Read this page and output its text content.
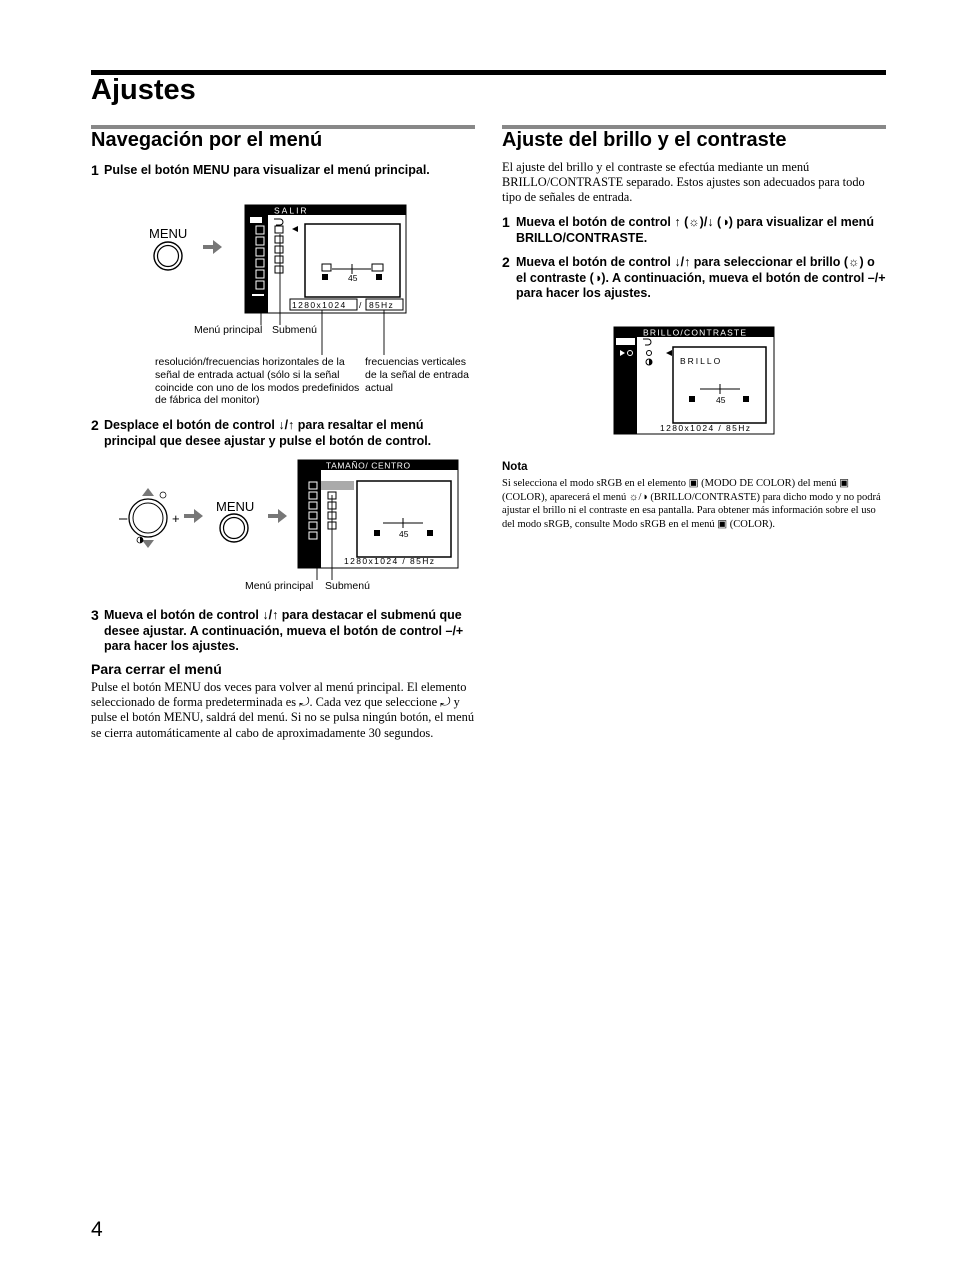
Ajustes
Navegación por el menú
1 Pulse el botón MENU para visualizar el menú principal.
MENU
SALIR
45
1280x1024 / 85Hz
Menú principal Submenú
resolución/frecuencias horizontales de la señal de entrada actual (sólo si la señal coincide con uno de los modos predefinidos de fábrica del monitor)
frecuencias verticales de la señal de entrada actual
2 Desplace el botón de control ↓/↑ para resaltar el menú principal que desee ajustar y pulse el botón de control.
–	+
MENU
TAMAÑO/ CENTRO
45
1280x1024 / 85Hz
Menú principal Submenú
3 Mueva el botón de control ↓/↑ para destacar el submenú que desee ajustar. A continuación, mueva el botón de control –/+ para hacer los ajustes.
Para cerrar el menú
Pulse el botón MENU dos veces para volver al menú principal. El elemento seleccionado de forma predeterminada es ⤾. Cada vez que seleccione ⤾ y pulse el botón MENU, saldrá del menú. Si no se pulsa ningún botón, el menú se cierra automáticamente al cabo de aproximadamente 30 segundos.
Ajuste del brillo y el contraste
El ajuste del brillo y el contraste se efectúa mediante un menú BRILLO/CONTRASTE separado. Estos ajustes son adecuados para todo tipo de señales de entrada.
1 Mueva el botón de control ↑ (☼)/↓ (◑) para visualizar el menú BRILLO/CONTRASTE.
2 Mueva el botón de control ↓/↑ para seleccionar el brillo (☼) o el contraste (◑). A continuación, mueva el botón de control –/+ para hacer los ajustes.
BRILLO/CONTRASTE
BRILLO
45
1280x1024 / 85Hz
Nota
Si selecciona el modo sRGB en el elemento ▣ (MODO DE COLOR) del menú ▣ (COLOR), aparecerá el menú ☼/◑ (BRILLO/CONTRASTE) para dicho modo y no podrá ajustar el brillo ni el contraste en esa pantalla. Para obtener más información sobre el uso del modo sRGB, consulte Modo sRGB en el menú ▣ (COLOR).
4
